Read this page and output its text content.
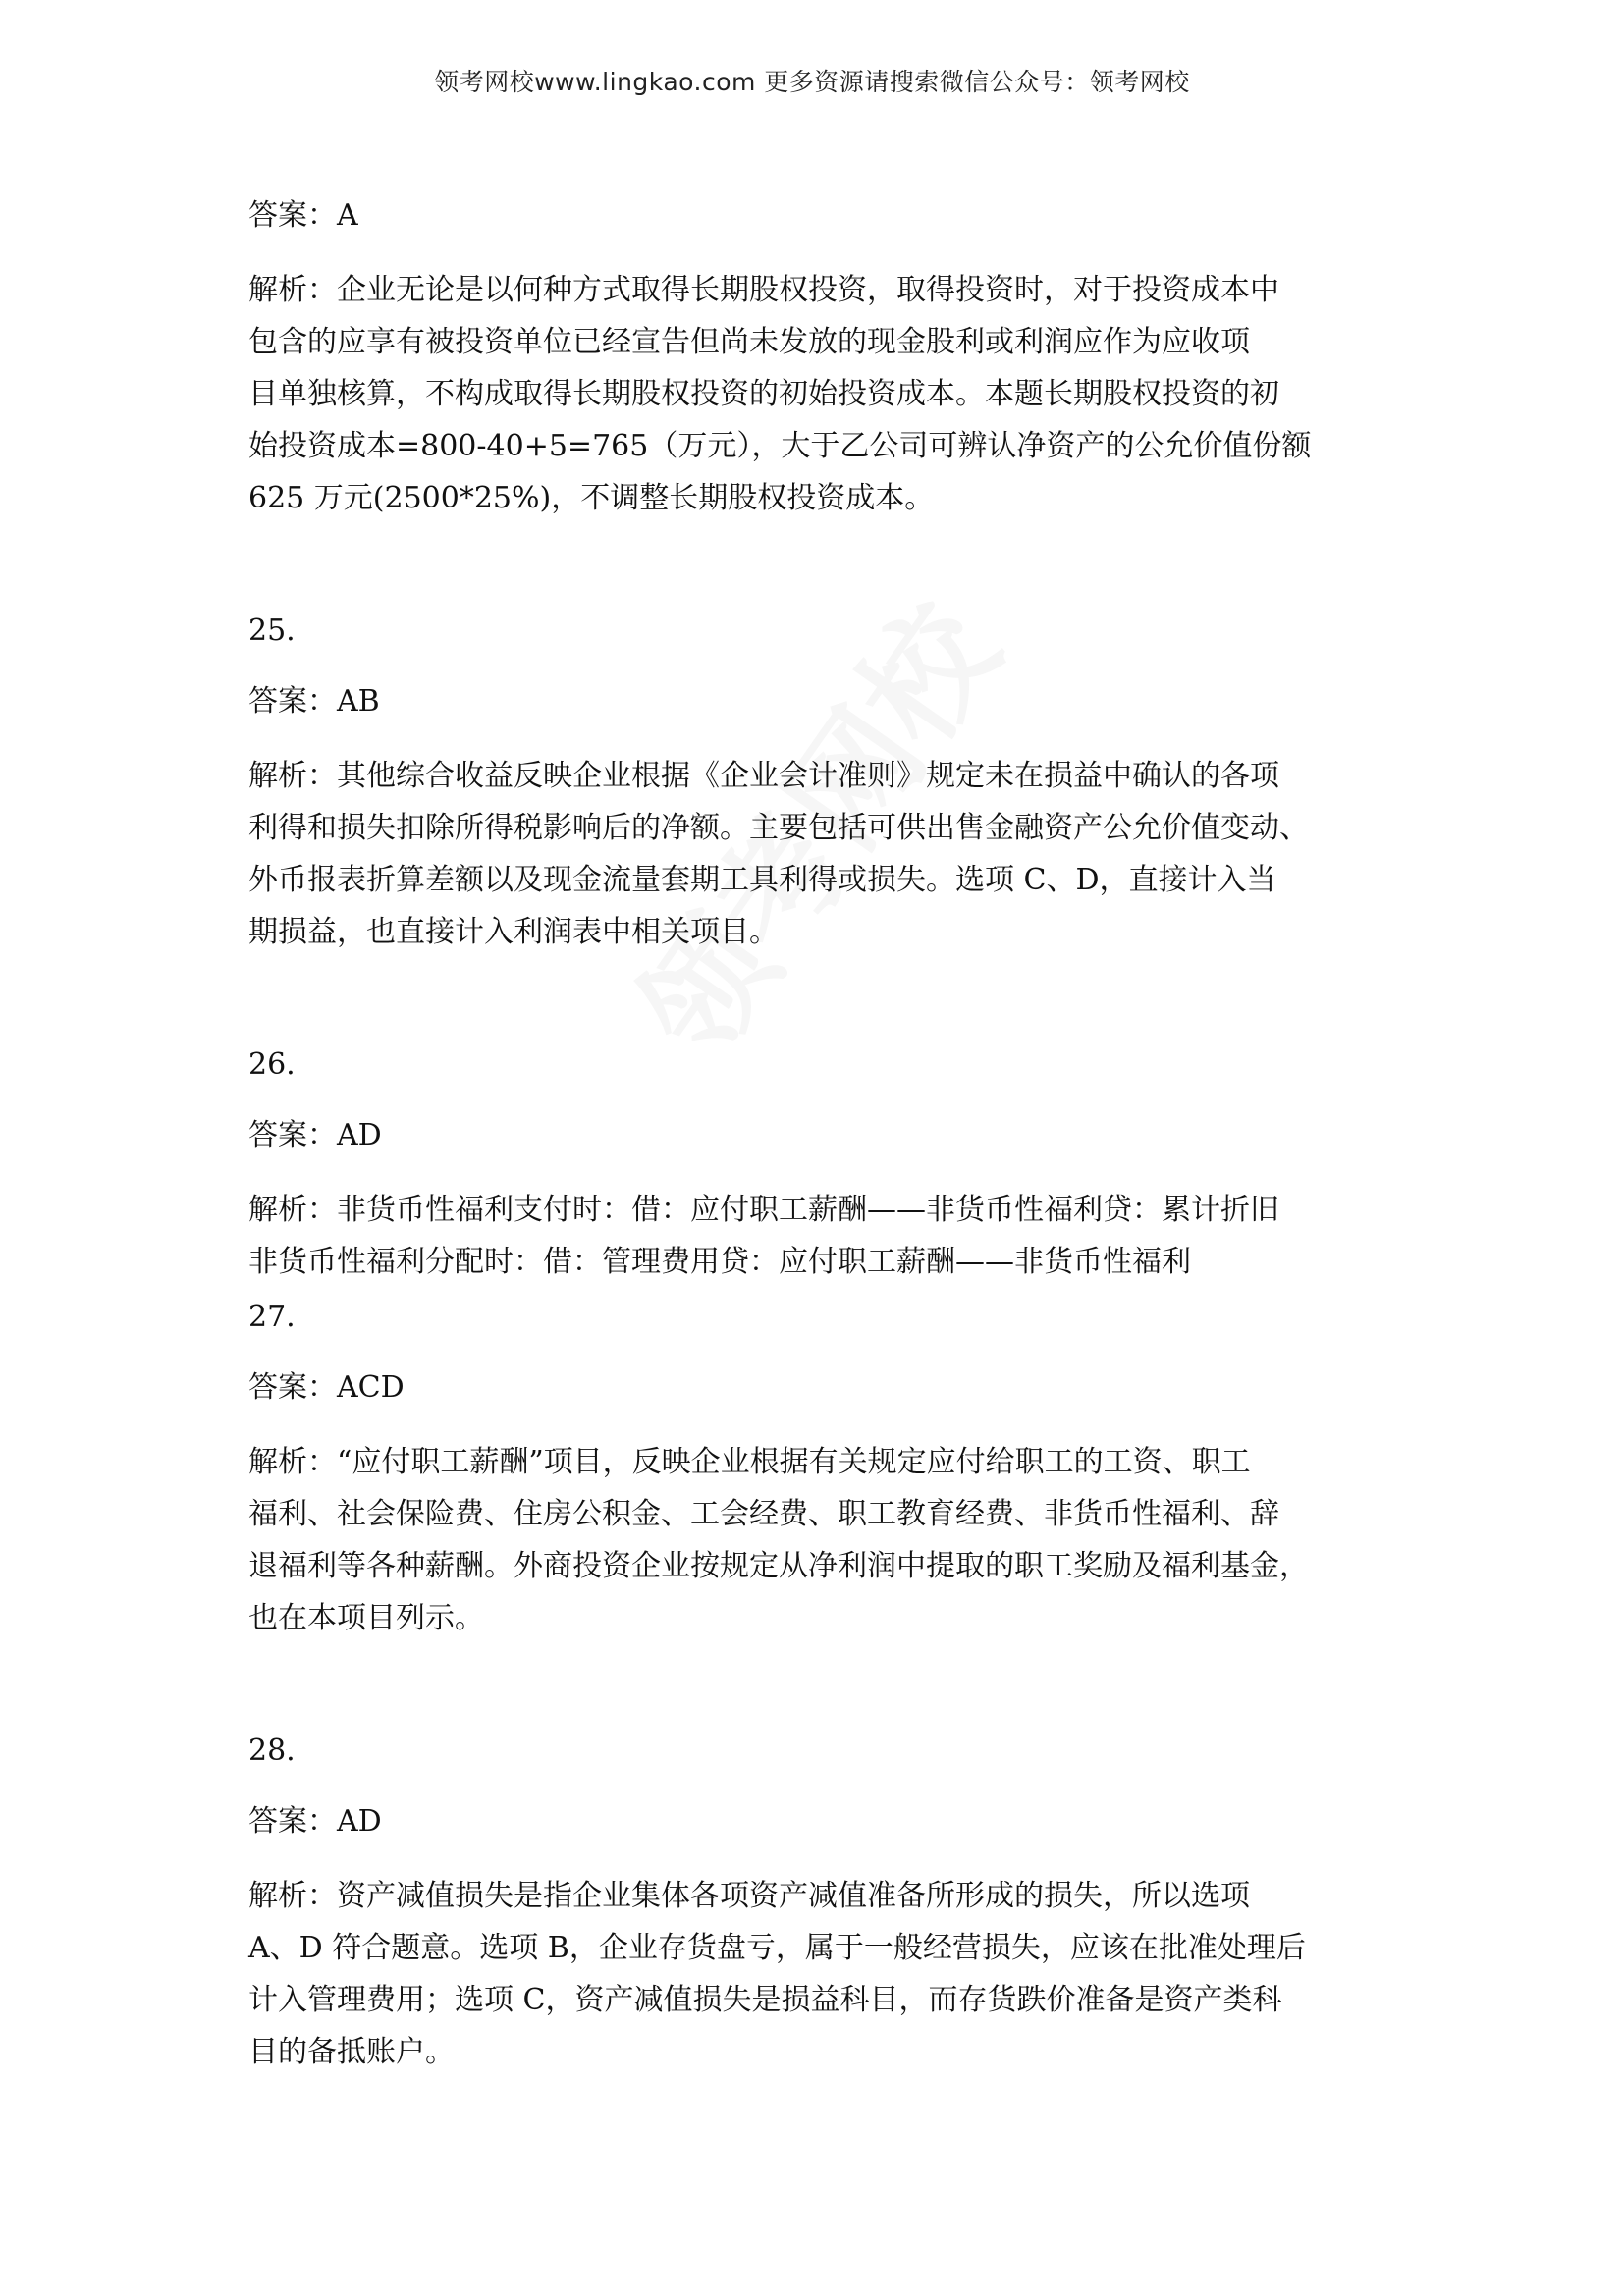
领考网校www.lingkao.com 更多资源请搜索微信公众号：领考网校
答案：A

解析：企业无论是以何种方式取得长期股权投资，取得投资时，对于投资成本中

包含的应享有被投资单位已经宣告但尚未发放的现金股利或利润应作为应收项

目单独核算，不构成取得长期股权投资的初始投资成本。本题长期股权投资的初

始投资成本=800-40+5=765（万元），大于乙公司可辨认净资产的公允价值份额

625 万元(2500*25%)，不调整长期股权投资成本。

25.
答案：AB

解析：其他综合收益反映企业根据《企业会计准则》规定未在损益中确认的各项

利得和损失扣除所得税影响后的净额。主要包括可供出售金融资产公允价值变动、

外币报表折算差额以及现金流量套期工具利得或损失。选项 C、D，直接计入当

期损益，也直接计入利润表中相关项目。

26.
答案：AD

解析：非货币性福利支付时：借：应付职工薪酬——非货币性福利贷：累计折旧

非货币性福利分配时：借：管理费用贷：应付职工薪酬——非货币性福利

27.
答案：ACD

解析：“应付职工薪酬”项目，反映企业根据有关规定应付给职工的工资、职工

福利、社会保险费、住房公积金、工会经费、职工教育经费、非货币性福利、辞

退福利等各种薪酬。外商投资企业按规定从净利润中提取的职工奖励及福利基金，

也在本项目列示。

28.
答案：AD

解析：资产减值损失是指企业集体各项资产减值准备所形成的损失，所以选项

A、D 符合题意。选项 B，企业存货盘亏，属于一般经营损失，应该在批准处理后

计入管理费用；选项 C，资产减值损失是损益科目，而存货跌价准备是资产类科

目的备抵账户。
